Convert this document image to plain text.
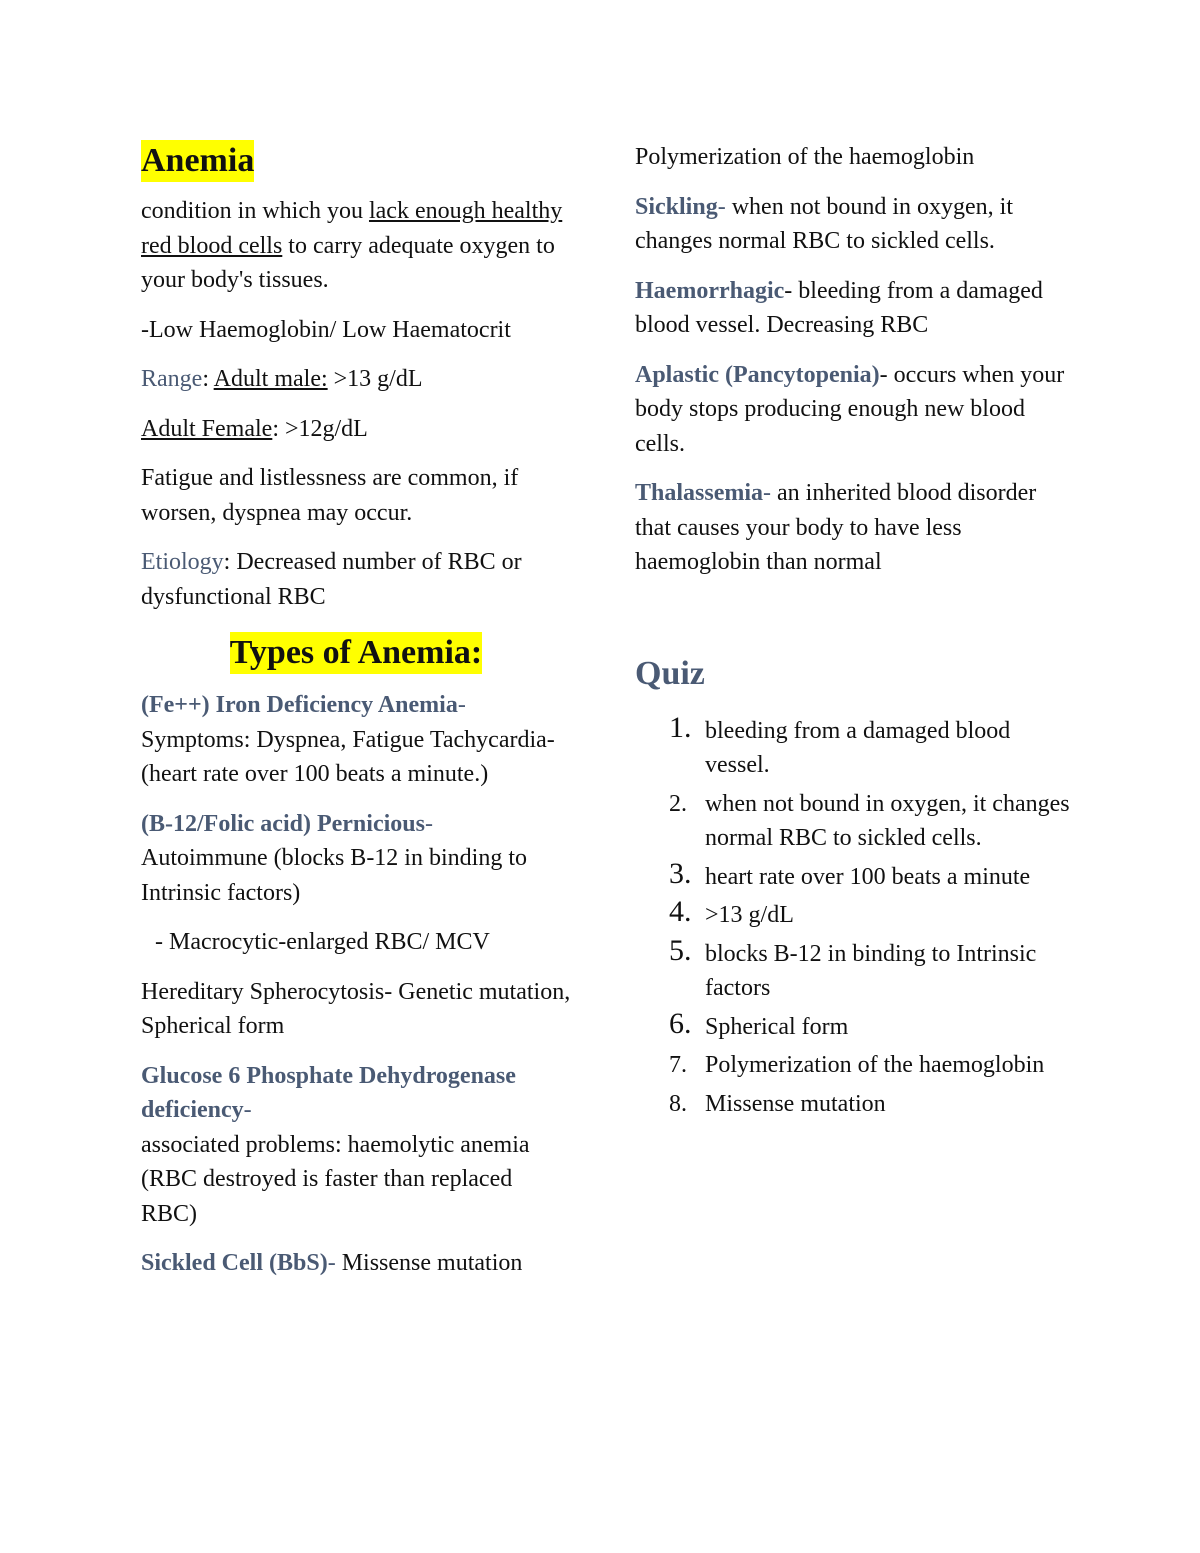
Anemia

condition in which you lack enough healthy red blood cells to carry adequate oxygen to your body's tissues.

-Low Haemoglobin/ Low Haematocrit

Range: Adult male: >13 g/dL

Adult Female: >12g/dL

Fatigue and listlessness are common, if worsen, dyspnea may occur.

Etiology: Decreased number of RBC or dysfunctional RBC

Types of Anemia:

(Fe++) Iron Deficiency Anemia-
Symptoms: Dyspnea, Fatigue Tachycardia- (heart rate over 100 beats a minute.)

(B-12/Folic acid) Pernicious-
Autoimmune (blocks B-12 in binding to Intrinsic factors)

- Macrocytic-enlarged RBC/ MCV

Hereditary Spherocytosis- Genetic mutation, Spherical form

Glucose 6 Phosphate Dehydrogenase deficiency-
associated problems: haemolytic anemia (RBC destroyed is faster than replaced RBC)

Sickled Cell (BbS)- Missense mutation

Polymerization of the haemoglobin

Sickling- when not bound in oxygen, it changes normal RBC to sickled cells.

Haemorrhagic- bleeding from a damaged blood vessel. Decreasing RBC

Aplastic (Pancytopenia)- occurs when your body stops producing enough new blood cells.

Thalassemia- an inherited blood disorder that causes your body to have less haemoglobin than normal

Quiz
1. bleeding from a damaged blood vessel.
2. when not bound in oxygen, it changes normal RBC to sickled cells.
3. heart rate over 100 beats a minute
4. >13 g/dL
5. blocks B-12 in binding to Intrinsic factors
6. Spherical form
7. Polymerization of the haemoglobin
8. Missense mutation
